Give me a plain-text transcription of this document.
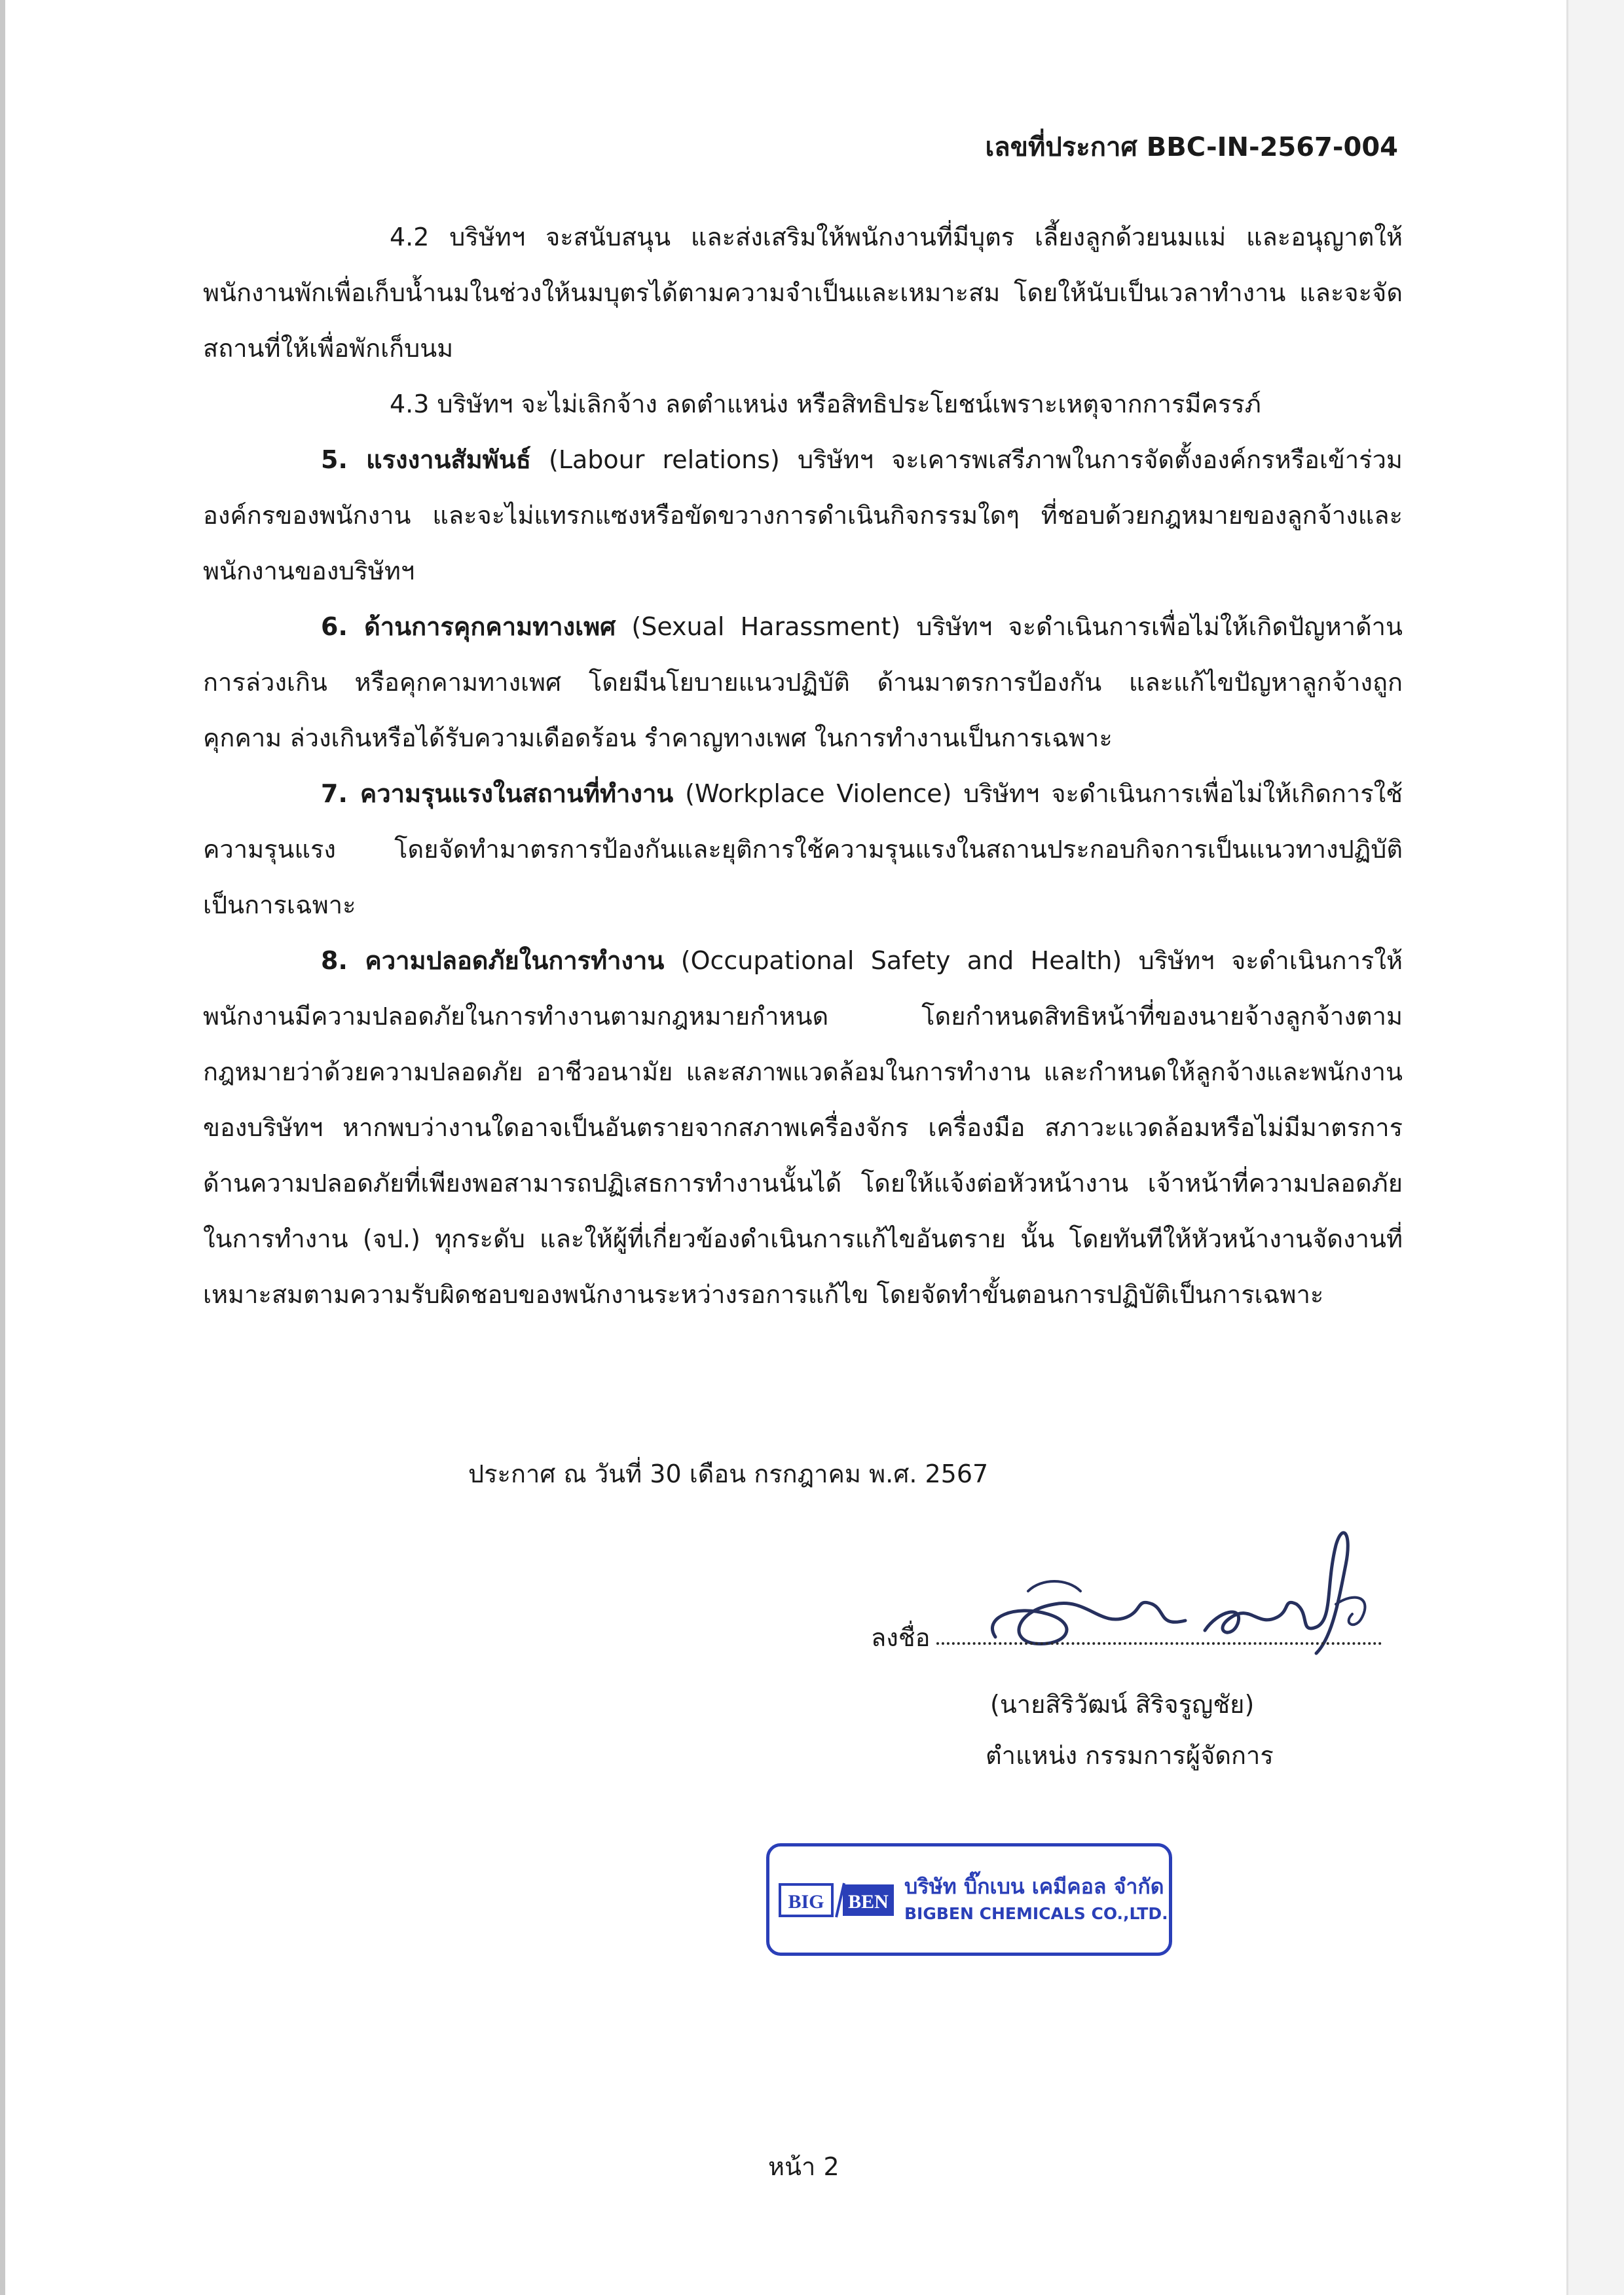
เลขที่ประกาศ BBC-IN-2567-004

4.2 บริษัทฯ จะสนับสนุน และส่งเสริมให้พนักงานที่มีบุตร เลี้ยงลูกด้วยนมแม่ และอนุญาตให้พนักงานพักเพื่อเก็บน้ำนมในช่วงให้นมบุตรได้ตามความจำเป็นและเหมาะสม โดยให้นับเป็นเวลาทำงาน และจะจัดสถานที่ให้เพื่อพักเก็บนม

4.3 บริษัทฯ จะไม่เลิกจ้าง ลดตำแหน่ง หรือสิทธิประโยชน์เพราะเหตุจากการมีครรภ์

5. แรงงานสัมพันธ์ (Labour relations) บริษัทฯ จะเคารพเสรีภาพในการจัดตั้งองค์กรหรือเข้าร่วมองค์กรของพนักงาน และจะไม่แทรกแซงหรือขัดขวางการดำเนินกิจกรรมใดๆ ที่ชอบด้วยกฎหมายของลูกจ้างและพนักงานของบริษัทฯ

6. ด้านการคุกคามทางเพศ (Sexual Harassment) บริษัทฯ จะดำเนินการเพื่อไม่ให้เกิดปัญหาด้านการล่วงเกิน หรือคุกคามทางเพศ โดยมีนโยบายแนวปฏิบัติ ด้านมาตรการป้องกัน และแก้ไขปัญหาลูกจ้างถูกคุกคาม ล่วงเกินหรือได้รับความเดือดร้อน รำคาญทางเพศ ในการทำงานเป็นการเฉพาะ

7. ความรุนแรงในสถานที่ทำงาน (Workplace Violence) บริษัทฯ จะดำเนินการเพื่อไม่ให้เกิดการใช้ความรุนแรง โดยจัดทำมาตรการป้องกันและยุติการใช้ความรุนแรงในสถานประกอบกิจการเป็นแนวทางปฏิบัติเป็นการเฉพาะ

8. ความปลอดภัยในการทำงาน (Occupational Safety and Health) บริษัทฯ จะดำเนินการให้พนักงานมีความปลอดภัยในการทำงานตามกฎหมายกำหนด โดยกำหนดสิทธิหน้าที่ของนายจ้างลูกจ้างตามกฎหมายว่าด้วยความปลอดภัย อาชีวอนามัย และสภาพแวดล้อมในการทำงาน และกำหนดให้ลูกจ้างและพนักงานของบริษัทฯ หากพบว่างานใดอาจเป็นอันตรายจากสภาพเครื่องจักร เครื่องมือ สภาวะแวดล้อมหรือไม่มีมาตรการด้านความปลอดภัยที่เพียงพอสามารถปฏิเสธการทำงานนั้นได้ โดยให้แจ้งต่อหัวหน้างาน เจ้าหน้าที่ความปลอดภัยในการทำงาน (จป.) ทุกระดับ และให้ผู้ที่เกี่ยวข้องดำเนินการแก้ไขอันตราย นั้น โดยทันทีให้หัวหน้างานจัดงานที่เหมาะสมตามความรับผิดชอบของพนักงานระหว่างรอการแก้ไข โดยจัดทำขั้นตอนการปฏิบัติเป็นการเฉพาะ

ประกาศ ณ วันที่ 30 เดือน กรกฎาคม พ.ศ. 2567
ลงชื่อ
(นายสิริวัฒน์ สิริจรูญชัย)
ตำแหน่ง กรรมการผู้จัดการ
BIG BEN
บริษัท บิ๊กเบน เคมีคอล จำกัด
BIGBEN CHEMICALS CO.,LTD.
หน้า 2
